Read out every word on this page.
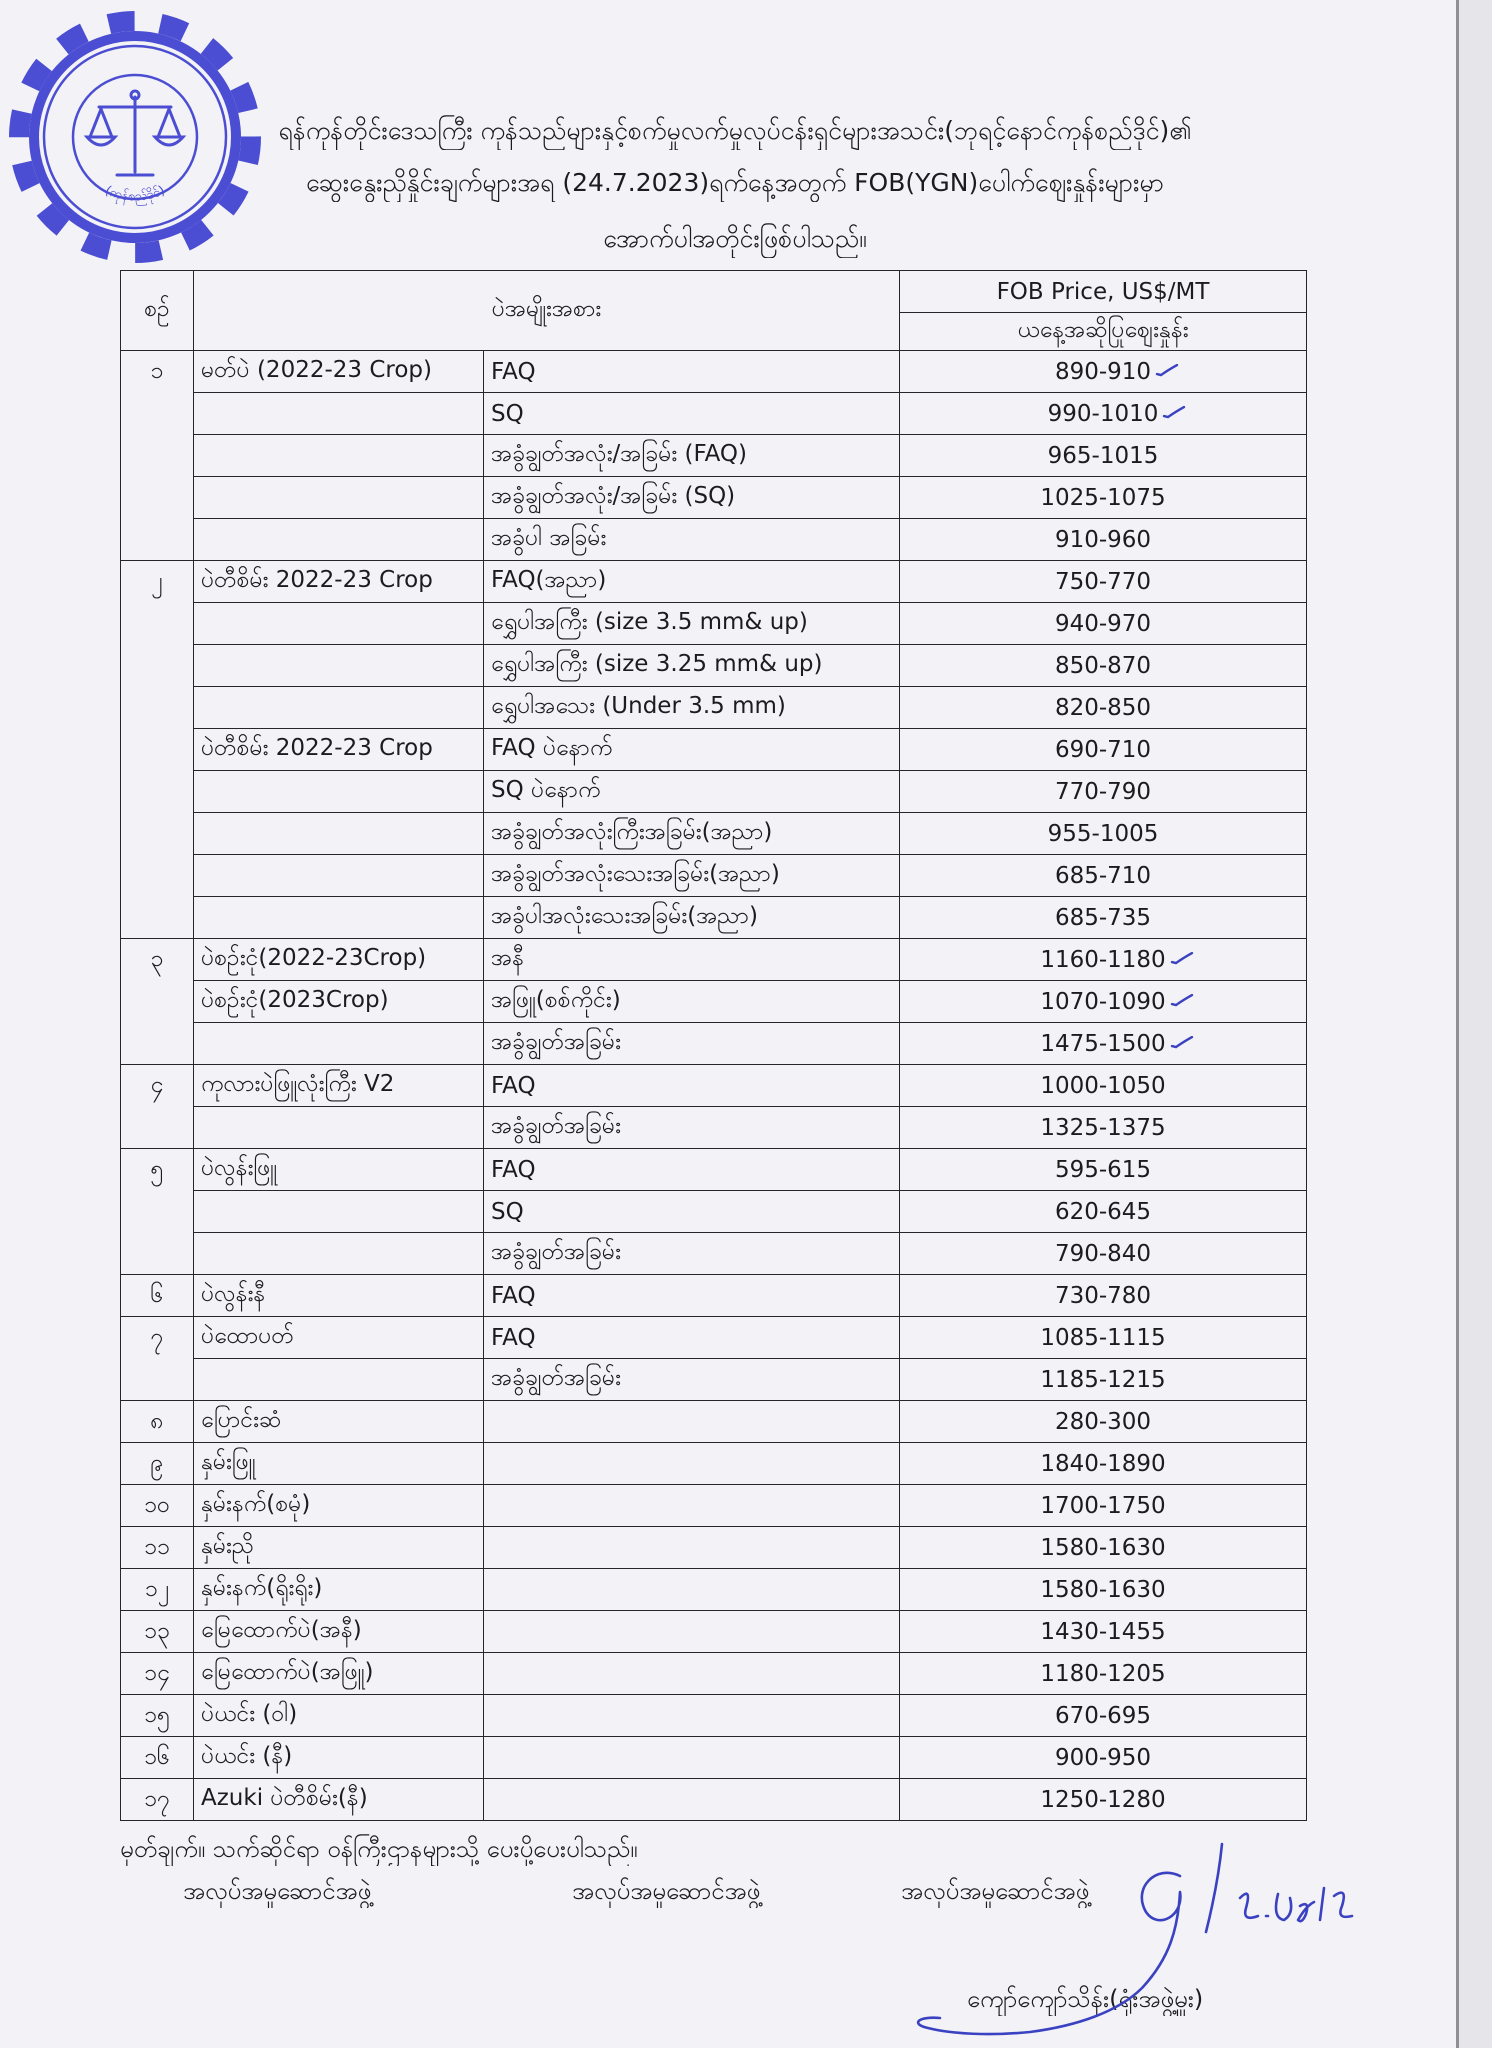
(ကုန်စည်ဒိုင်)
ရန်ကုန်တိုင်းဒေသကြီး ကုန်သည်များနှင့်စက်မှုလက်မှုလုပ်ငန်းရှင်များအသင်း(ဘုရင့်နောင်ကုန်စည်ဒိုင်)၏
ဆွေးနွေးညှိနှိုင်းချက်များအရ (24.7.2023)ရက်နေ့အတွက် FOB(YGN)ပေါက်ဈေးနှုန်းများမှာ
အောက်ပါအတိုင်းဖြစ်ပါသည်။
စဉ်	ပဲအမျိုးအစား		FOB Price, US$/MT
			ယနေ့အဆိုပြုဈေးနှုန်း
၁	မတ်ပဲ (2022-23 Crop)	FAQ	890-910

		SQ	990-1010

		အခွံချွတ်အလုံး/အခြမ်း (FAQ)	965-1015
		အခွံချွတ်အလုံး/အခြမ်း (SQ)	1025-1075
		အခွံပါ အခြမ်း	910-960
၂	ပဲတီစိမ်း 2022-23 Crop	FAQ(အညာ)	750-770
		ရွှေပါအကြီး (size 3.5 mm& up)	940-970
		ရွှေပါအကြီး (size 3.25 mm& up)	850-870
		ရွှေပါအသေး (Under 3.5 mm)	820-850
	ပဲတီစိမ်း 2022-23 Crop	FAQ ပဲနောက်	690-710
		SQ ပဲနောက်	770-790
		အခွံချွတ်အလုံးကြီးအခြမ်း(အညာ)	955-1005
		အခွံချွတ်အလုံးသေးအခြမ်း(အညာ)	685-710
		အခွံပါအလုံးသေးအခြမ်း(အညာ)	685-735
၃	ပဲစဉ်းငုံ(2022-23Crop)	အနီ	1160-1180

	ပဲစဉ်းငုံ(2023Crop)	အဖြူ(စစ်ကိုင်း)	1070-1090

		အခွံချွတ်အခြမ်း	1475-1500

၄	ကုလားပဲဖြူလုံးကြီး V2	FAQ	1000-1050
		အခွံချွတ်အခြမ်း	1325-1375
၅	ပဲလွန်းဖြူ	FAQ	595-615
		SQ	620-645
		အခွံချွတ်အခြမ်း	790-840
၆	ပဲလွန်းနီ	FAQ	730-780
၇	ပဲထောပတ်	FAQ	1085-1115
		အခွံချွတ်အခြမ်း	1185-1215
၈	ပြောင်းဆံ		280-300
၉	နှမ်းဖြူ		1840-1890
၁၀	နှမ်းနက်(စမုံ)		1700-1750
၁၁	နှမ်းညို		1580-1630
၁၂	နှမ်းနက်(ရိုးရိုး)		1580-1630
၁၃	မြေထောက်ပဲ(အနီ)		1430-1455
၁၄	မြေထောက်ပဲ(အဖြူ)		1180-1205
၁၅	ပဲယင်း (ဝါ)		670-695
၁၆	ပဲယင်း (နီ)		900-950
၁၇	Azuki ပဲတီစိမ်း(နီ)		1250-1280
မှတ်ချက်။ သက်ဆိုင်ရာ ဝန်ကြီးဌာနများသို့ ပေးပို့ပေးပါသည်။
အလုပ်အမှုဆောင်အဖွဲ့	အလုပ်အမှုဆောင်အဖွဲ့	အလုပ်အမှုဆောင်အဖွဲ့
ကျော်ကျော်သိန်း(ရုံးအဖွဲ့မှူး)
